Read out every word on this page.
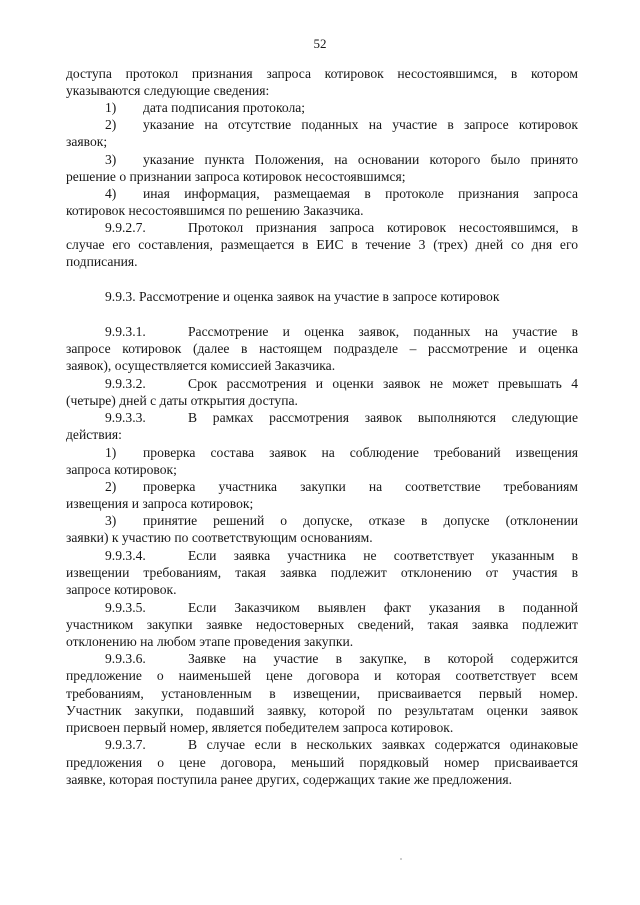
52
доступа протокол признания запроса котировок несостоявшимся, в котором
указываются следующие сведения:
1) дата подписания протокола;
2) указание на отсутствие поданных на участие в запросе котировок
заявок;
3) указание пункта Положения, на основании которого было принято
решение о признании запроса котировок несостоявшимся;
4) иная информация, размещаемая в протоколе признания запроса
котировок несостоявшимся по решению Заказчика.
9.9.2.7.	Протокол признания запроса котировок несостоявшимся, в
случае его составления, размещается в ЕИС в течение 3 (трех) дней со дня его
подписания.
9.9.3. Рассмотрение и оценка заявок на участие в запросе котировок
9.9.3.1.	Рассмотрение и оценка заявок, поданных на участие в
запросе котировок (далее в настоящем подразделе – рассмотрение и оценка
заявок), осуществляется комиссией Заказчика.
9.9.3.2.	Срок рассмотрения и оценки заявок не может превышать 4
(четыре) дней с даты открытия доступа.
9.9.3.3.	В рамках рассмотрения заявок выполняются следующие
действия:
1) проверка состава заявок на соблюдение требований извещения
запроса котировок;
2) проверка участника закупки на соответствие требованиям
извещения и запроса котировок;
3) принятие решений о допуске, отказе в допуске (отклонении
заявки) к участию по соответствующим основаниям.
9.9.3.4.	Если заявка участника не соответствует указанным в
извещении требованиям, такая заявка подлежит отклонению от участия в
запросе котировок.
9.9.3.5.	Если Заказчиком выявлен факт указания в поданной
участником закупки заявке недостоверных сведений, такая заявка подлежит
отклонению на любом этапе проведения закупки.
9.9.3.6.	Заявке на участие в закупке, в которой содержится
предложение о наименьшей цене договора и которая соответствует всем
требованиям, установленным в извещении, присваивается первый номер.
Участник закупки, подавший заявку, которой по результатам оценки заявок
присвоен первый номер, является победителем запроса котировок.
9.9.3.7.	В случае если в нескольких заявках содержатся одинаковые
предложения о цене договора, меньший порядковый номер присваивается
заявке, которая поступила ранее других, содержащих такие же предложения.
